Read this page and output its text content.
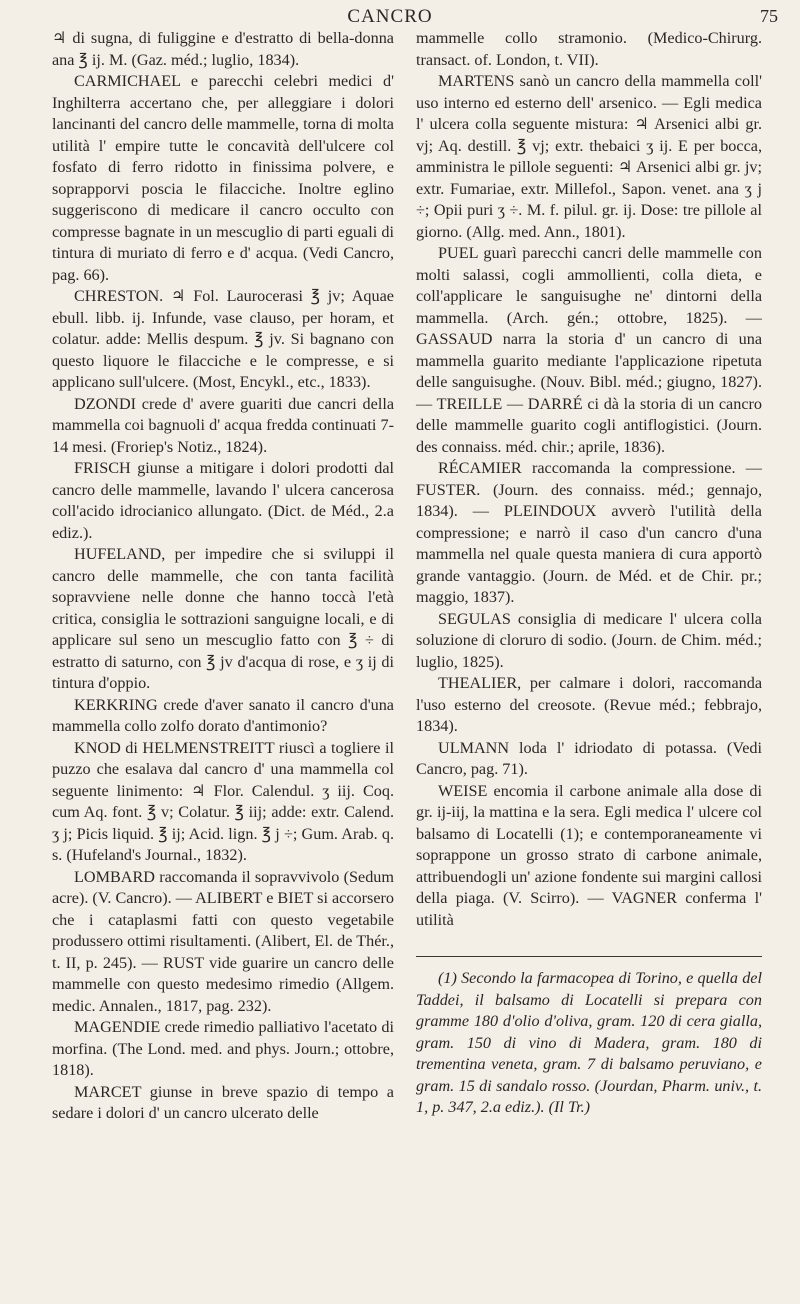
CANCRO	75

♃ di sugna, di fuliggine e d'estratto di bella-donna ana ℥ ij. M. (Gaz. méd.; luglio, 1834).

CARMICHAEL e parecchi celebri medici d' Inghilterra accertano che, per alleggiare i dolori lancinanti del cancro delle mammelle, torna di molta utilità l' empire tutte le concavità dell'ulcere col fosfato di ferro ridotto in finissima polvere, e soprapporvi poscia le filacciche. Inoltre eglino suggeriscono di medicare il cancro occulto con compresse bagnate in un mescuglio di parti eguali di tintura di muriato di ferro e d' acqua. (Vedi Cancro, pag. 66).

CHRESTON. ♃ Fol. Laurocerasi ℥ jv; Aquae ebull. libb. ij. Infunde, vase clauso, per horam, et colatur. adde: Mellis despum. ℥ jv. Si bagnano con questo liquore le filacciche e le compresse, e si applicano sull'ulcere. (Most, Encykl., etc., 1833).

DZONDI crede d' avere guariti due cancri della mammella coi bagnuoli d' acqua fredda continuati 7-14 mesi. (Froriep's Notiz., 1824).

FRISCH giunse a mitigare i dolori prodotti dal cancro delle mammelle, lavando l' ulcera cancerosa coll'acido idrocianico allungato. (Dict. de Méd., 2.a ediz.).

HUFELAND, per impedire che si sviluppi il cancro delle mammelle, che con tanta facilità sopravviene nelle donne che hanno toccà l'età critica, consiglia le sottrazioni sanguigne locali, e di applicare sul seno un mescuglio fatto con ℥ ÷ di estratto di saturno, con ℥ jv d'acqua di rose, e ʒ ij di tintura d'oppio.

KERKRING crede d'aver sanato il cancro d'una mammella collo zolfo dorato d'antimonio?

KNOD di HELMENSTREITT riuscì a togliere il puzzo che esalava dal cancro d' una mammella col seguente linimento: ♃ Flor. Calendul. ʒ iij. Coq. cum Aq. font. ℥ v; Colatur. ℥ iij; adde: extr. Calend. ʒ j; Picis liquid. ℥ ij; Acid. lign. ℥ j ÷; Gum. Arab. q. s. (Hufeland's Journal., 1832).

LOMBARD raccomanda il sopravvivolo (Sedum acre). (V. Cancro). — ALIBERT e BIET si accorsero che i cataplasmi fatti con questo vegetabile produssero ottimi risultamenti. (Alibert, El. de Thér., t. II, p. 245). — RUST vide guarire un cancro delle mammelle con questo medesimo rimedio (Allgem. medic. Annalen., 1817, pag. 232).

MAGENDIE crede rimedio palliativo l'acetato di morfina. (The Lond. med. and phys. Journ.; ottobre, 1818).

MARCET giunse in breve spazio di tempo a sedare i dolori d' un cancro ulcerato delle

mammelle collo stramonio. (Medico-Chirurg. transact. of. London, t. VII).

MARTENS sanò un cancro della mammella coll' uso interno ed esterno dell' arsenico. — Egli medica l' ulcera colla seguente mistura: ♃ Arsenici albi gr. vj; Aq. destill. ℥ vj; extr. thebaici ʒ ij. E per bocca, amministra le pillole seguenti: ♃ Arsenici albi gr. jv; extr. Fumariae, extr. Millefol., Sapon. venet. ana ʒ j ÷; Opii puri ʒ ÷. M. f. pilul. gr. ij. Dose: tre pillole al giorno. (Allg. med. Ann., 1801).

PUEL guarì parecchi cancri delle mammelle con molti salassi, cogli ammollienti, colla dieta, e coll'applicare le sanguisughe ne' dintorni della mammella. (Arch. gén.; ottobre, 1825). — GASSAUD narra la storia d' un cancro di una mammella guarito mediante l'applicazione ripetuta delle sanguisughe. (Nouv. Bibl. méd.; giugno, 1827). — TREILLE — DARRÉ ci dà la storia di un cancro delle mammelle guarito cogli antiflogistici. (Journ. des connaiss. méd. chir.; aprile, 1836).

RÉCAMIER raccomanda la compressione. — FUSTER. (Journ. des connaiss. méd.; gennajo, 1834). — PLEINDOUX avverò l'utilità della compressione; e narrò il caso d'un cancro d'una mammella nel quale questa maniera di cura apportò grande vantaggio. (Journ. de Méd. et de Chir. pr.; maggio, 1837).

SEGULAS consiglia di medicare l' ulcera colla soluzione di cloruro di sodio. (Journ. de Chim. méd.; luglio, 1825).

THEALIER, per calmare i dolori, raccomanda l'uso esterno del creosote. (Revue méd.; febbrajo, 1834).

ULMANN loda l' idriodato di potassa. (Vedi Cancro, pag. 71).

WEISE encomia il carbone animale alla dose di gr. ij-iij, la mattina e la sera. Egli medica l' ulcere col balsamo di Locatelli (1); e contemporaneamente vi soprappone un grosso strato di carbone animale, attribuendogli un' azione fondente sui margini callosi della piaga. (V. Scirro). — VAGNER conferma l' utilità

(1) Secondo la farmacopea di Torino, e quella del Taddei, il balsamo di Locatelli si prepara con gramme 180 d'olio d'oliva, gram. 120 di cera gialla, gram. 150 di vino di Madera, gram. 180 di trementina veneta, gram. 7 di balsamo peruviano, e gram. 15 di sandalo rosso. (Jourdan, Pharm. univ., t. 1, p. 347, 2.a ediz.). (Il Tr.)
